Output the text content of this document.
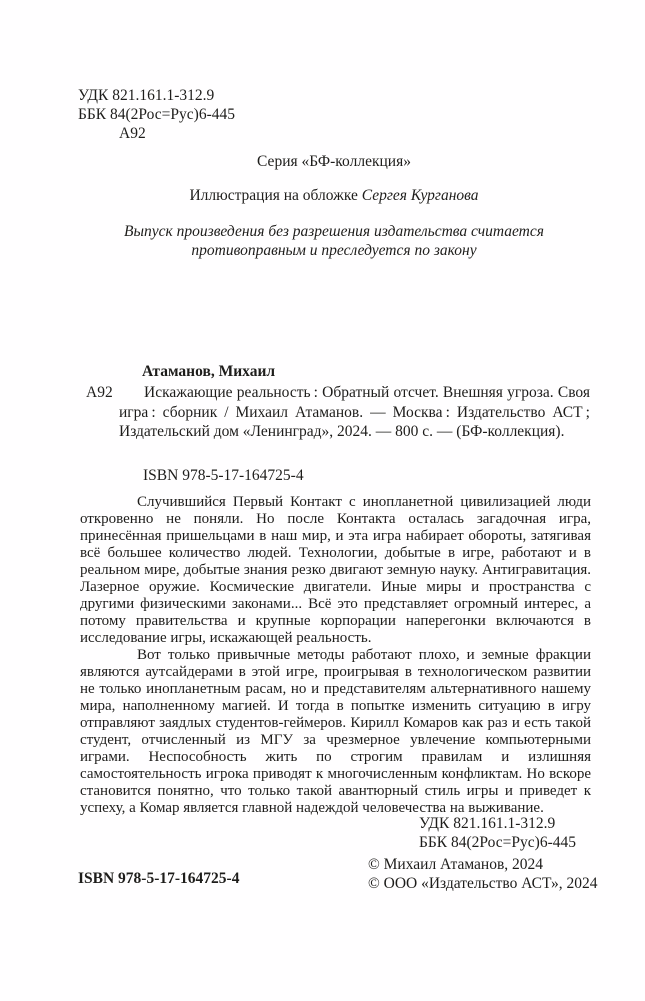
УДК 821.161.1-312.9
ББК 84(2Рос=Рус)6-445
А92
Серия «БФ-коллекция»
Иллюстрация на обложке Сергея Курганова
Выпуск произведения без разрешения издательства считается
противоправным и преследуется по закону
Атаманов, Михаил
А92 Искажающие реальность : Обратный отсчет. Внешняя угроза. Своя игра : сборник / Михаил Атаманов. — Москва : Издательство АСТ ; Издательский дом «Ленинград», 2024. — 800 с. — (БФ-коллекция).
ISBN 978-5-17-164725-4

Случившийся Первый Контакт с инопланетной цивилизацией люди откровенно не поняли. Но после Контакта осталась загадочная игра, принесённая пришельцами в наш мир, и эта игра набирает обороты, затягивая всё большее количество людей. Технологии, добытые в игре, работают и в реальном мире, добытые знания резко двигают земную науку. Антигравитация. Лазерное оружие. Космические двигатели. Иные миры и пространства с другими физическими законами... Всё это представляет огромный интерес, а потому правительства и крупные корпорации наперегонки включаются в исследование игры, искажающей реальность.

Вот только привычные методы работают плохо, и земные фракции являются аутсайдерами в этой игре, проигрывая в технологическом развитии не только инопланетным расам, но и представителям альтернативного нашему мира, наполненному магией. И тогда в попытке изменить ситуацию в игру отправляют заядлых студентов-геймеров. Кирилл Комаров как раз и есть такой студент, отчисленный из МГУ за чрезмерное увлечение компьютерными играми. Неспособность жить по строгим правилам и излишняя самостоятельность игрока приводят к многочисленным конфликтам. Но вскоре становится понятно, что только такой авантюрный стиль игры и приведет к успеху, а Комар является главной надеждой человечества на выживание.

УДК 821.161.1-312.9
ББК 84(2Рос=Рус)6-445
© Михаил Атаманов, 2024
© ООО «Издательство АСТ», 2024
ISBN 978-5-17-164725-4
